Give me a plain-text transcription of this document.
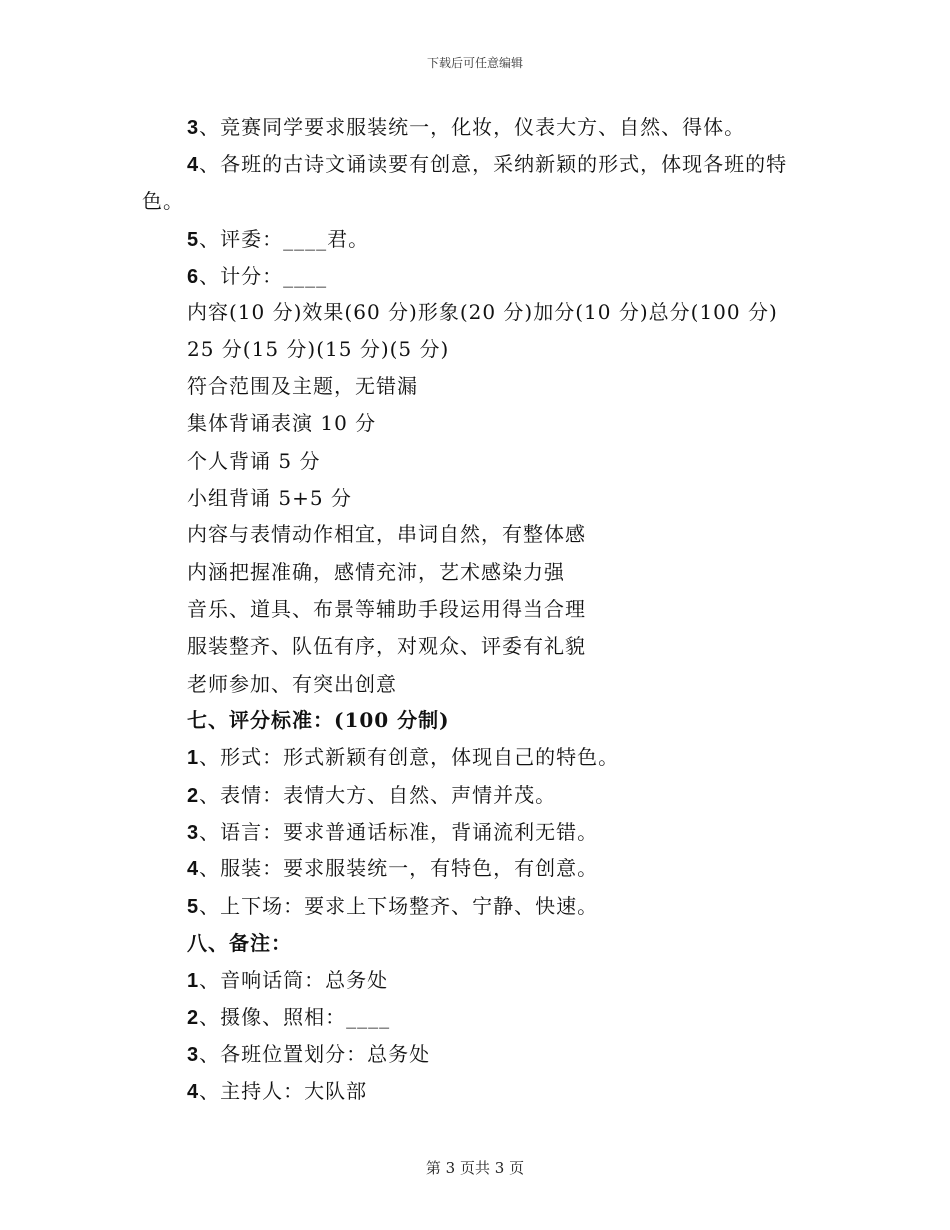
下载后可任意编辑
3、竞赛同学要求服装统一，化妆，仪表大方、自然、得体。
4、各班的古诗文诵读要有创意，采纳新颖的形式，体现各班的特
色。
5、评委：____君。
6、计分：____
内容(10 分)效果(60 分)形象(20 分)加分(10 分)总分(100 分)
25 分(15 分)(15 分)(5 分)
符合范围及主题，无错漏
集体背诵表演 10 分
个人背诵 5 分
小组背诵 5+5 分
内容与表情动作相宜，串词自然，有整体感
内涵把握准确，感情充沛，艺术感染力强
音乐、道具、布景等辅助手段运用得当合理
服装整齐、队伍有序，对观众、评委有礼貌
老师参加、有突出创意
七、评分标准：(100 分制)
1、形式：形式新颖有创意，体现自己的特色。
2、表情：表情大方、自然、声情并茂。
3、语言：要求普通话标准，背诵流利无错。
4、服装：要求服装统一，有特色，有创意。
5、上下场：要求上下场整齐、宁静、快速。
八、备注：
1、音响话筒：总务处
2、摄像、照相：____
3、各班位置划分：总务处
4、主持人：大队部
第 3 页共 3 页
